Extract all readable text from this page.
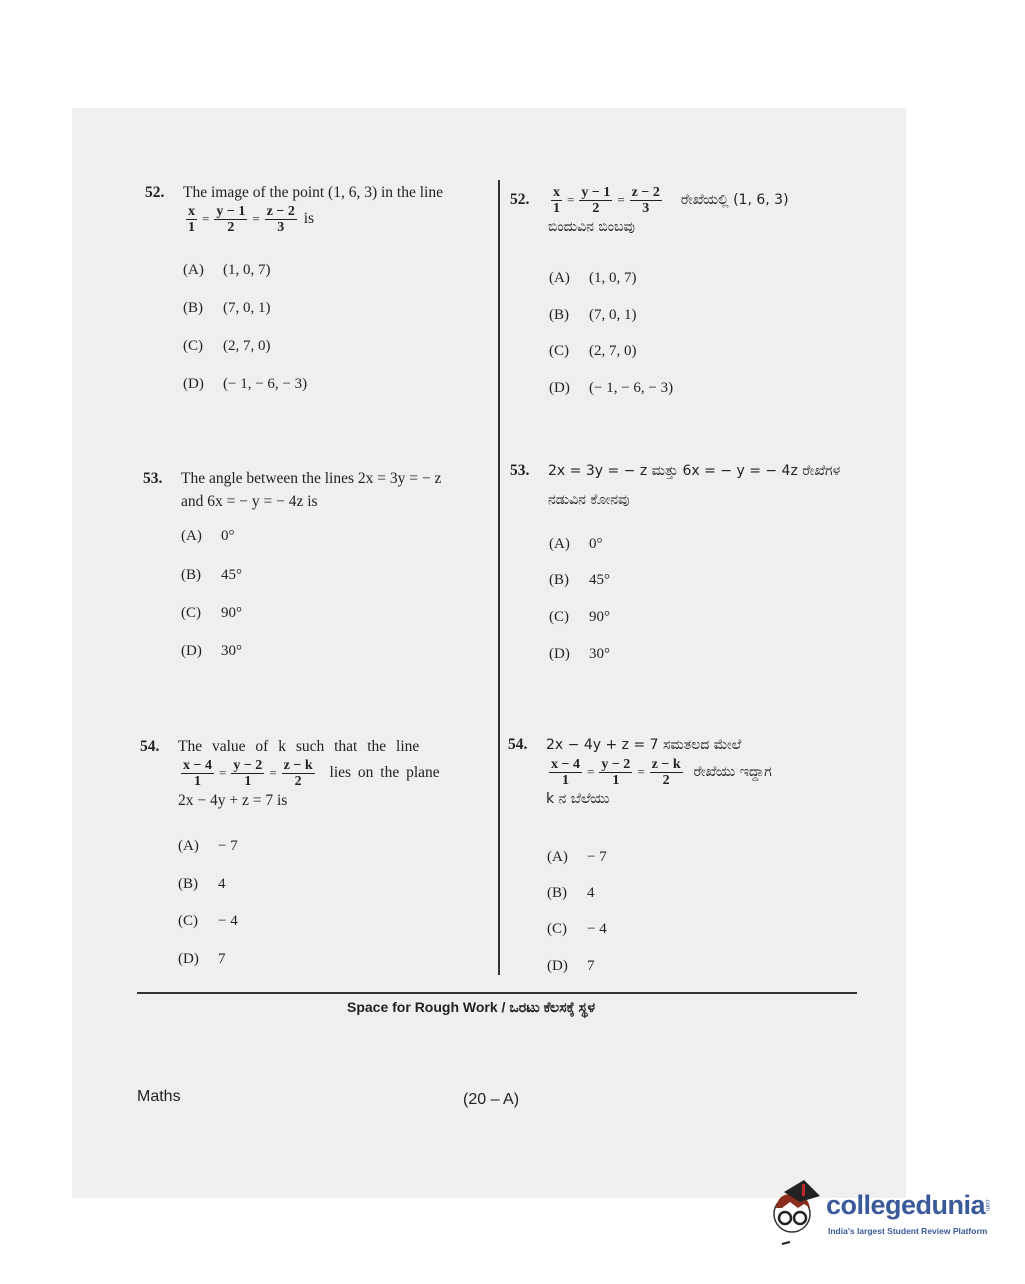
52. The image of the point (1, 6, 3) in the line
$\frac{x}{1} = \frac{y - 1}{2} = \frac{z - 2}{3}$ is
(A) (1, 0, 7)
(B) (7, 0, 1)
(C) (2, 7, 0)
(D) (− 1, − 6, − 3)
53. The angle between the lines 2x = 3y = − z
and 6x = − y = − 4z is
(A) 0°
(B) 45°
(C) 90°
(D) 30°
54. The value of k such that the line
$\frac{x - 4}{1} = \frac{y - 2}{1} = \frac{z - k}{2}$ lies on the plane
2x − 4y + z = 7 is
(A) − 7
(B) 4
(C) − 4
(D) 7
52. $\frac{x}{1} = \frac{y - 1}{2} = \frac{z - 2}{3}$ ರೇಖೆಯಲ್ಲಿ (1, 6, 3)
ಬಿಂದುವಿನ ಬಿಂಬವು
(A) (1, 0, 7)
(B) (7, 0, 1)
(C) (2, 7, 0)
(D) (− 1, − 6, − 3)
53. 2x = 3y = − z ಮತ್ತು 6x = − y = − 4z ರೇಖೆಗಳ
ನಡುವಿನ ಕೋನವು
(A) 0°
(B) 45°
(C) 90°
(D) 30°
54. 2x − 4y + z = 7 ಸಮತಲದ ಮೇಲೆ
$\frac{x - 4}{1} = \frac{y - 2}{1} = \frac{z - k}{2}$ ರೇಖೆಯು ಇದ್ದಾಗ
k ನ ಬೆಲೆಯು
(A) − 7
(B) 4
(C) − 4
(D) 7
Space for Rough Work / ಒರಟು ಕೆಲಸಕ್ಕೆ ಸ್ಥಳ
Maths	(20 – A)
collegedunia
.com
India's largest Student Review Platform
